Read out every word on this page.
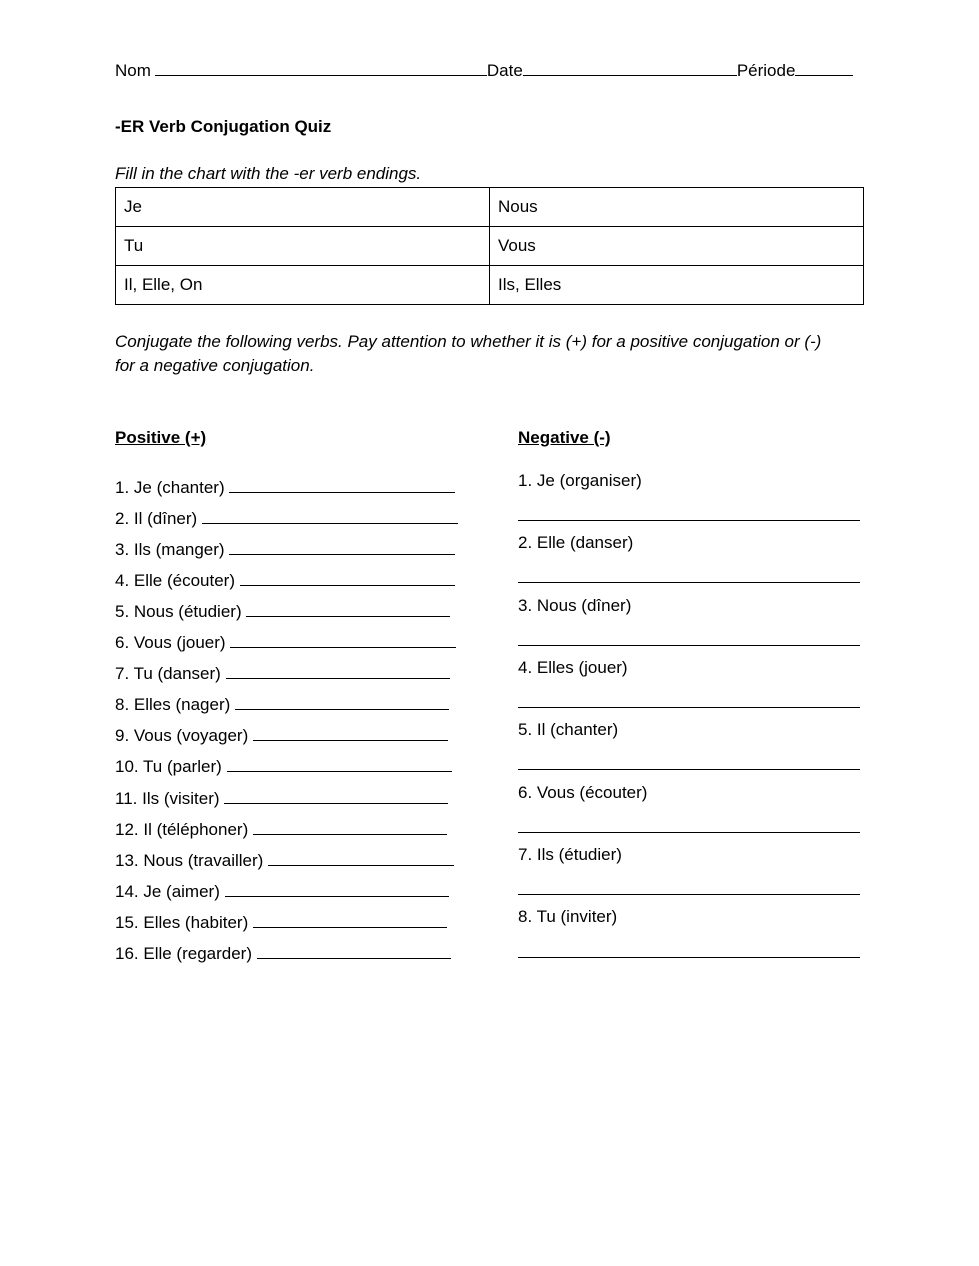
Nom	Date	Période
-ER Verb Conjugation Quiz
Fill in the chart with the -er verb endings.
Je	Nous
Tu	Vous
Il, Elle, On	Ils, Elles
Conjugate the following verbs. Pay attention to whether it is (+) for a positive conjugation or (-)
for a negative conjugation.
Positive (+)	Negative (-)
1. Je (chanter)
2. Il (dîner)
3. Ils (manger)
4. Elle (écouter)
5. Nous (étudier)
6. Vous (jouer)
7. Tu (danser)
8. Elles (nager)
9. Vous (voyager)
10. Tu (parler)
11. Ils (visiter)
12. Il (téléphoner)
13. Nous (travailler)
14. Je (aimer)
15. Elles (habiter)
16. Elle (regarder)
1. Je (organiser)
2. Elle (danser)
3. Nous (dîner)
4. Elles (jouer)
5. Il (chanter)
6. Vous (écouter)
7. Ils (étudier)
8. Tu (inviter)
